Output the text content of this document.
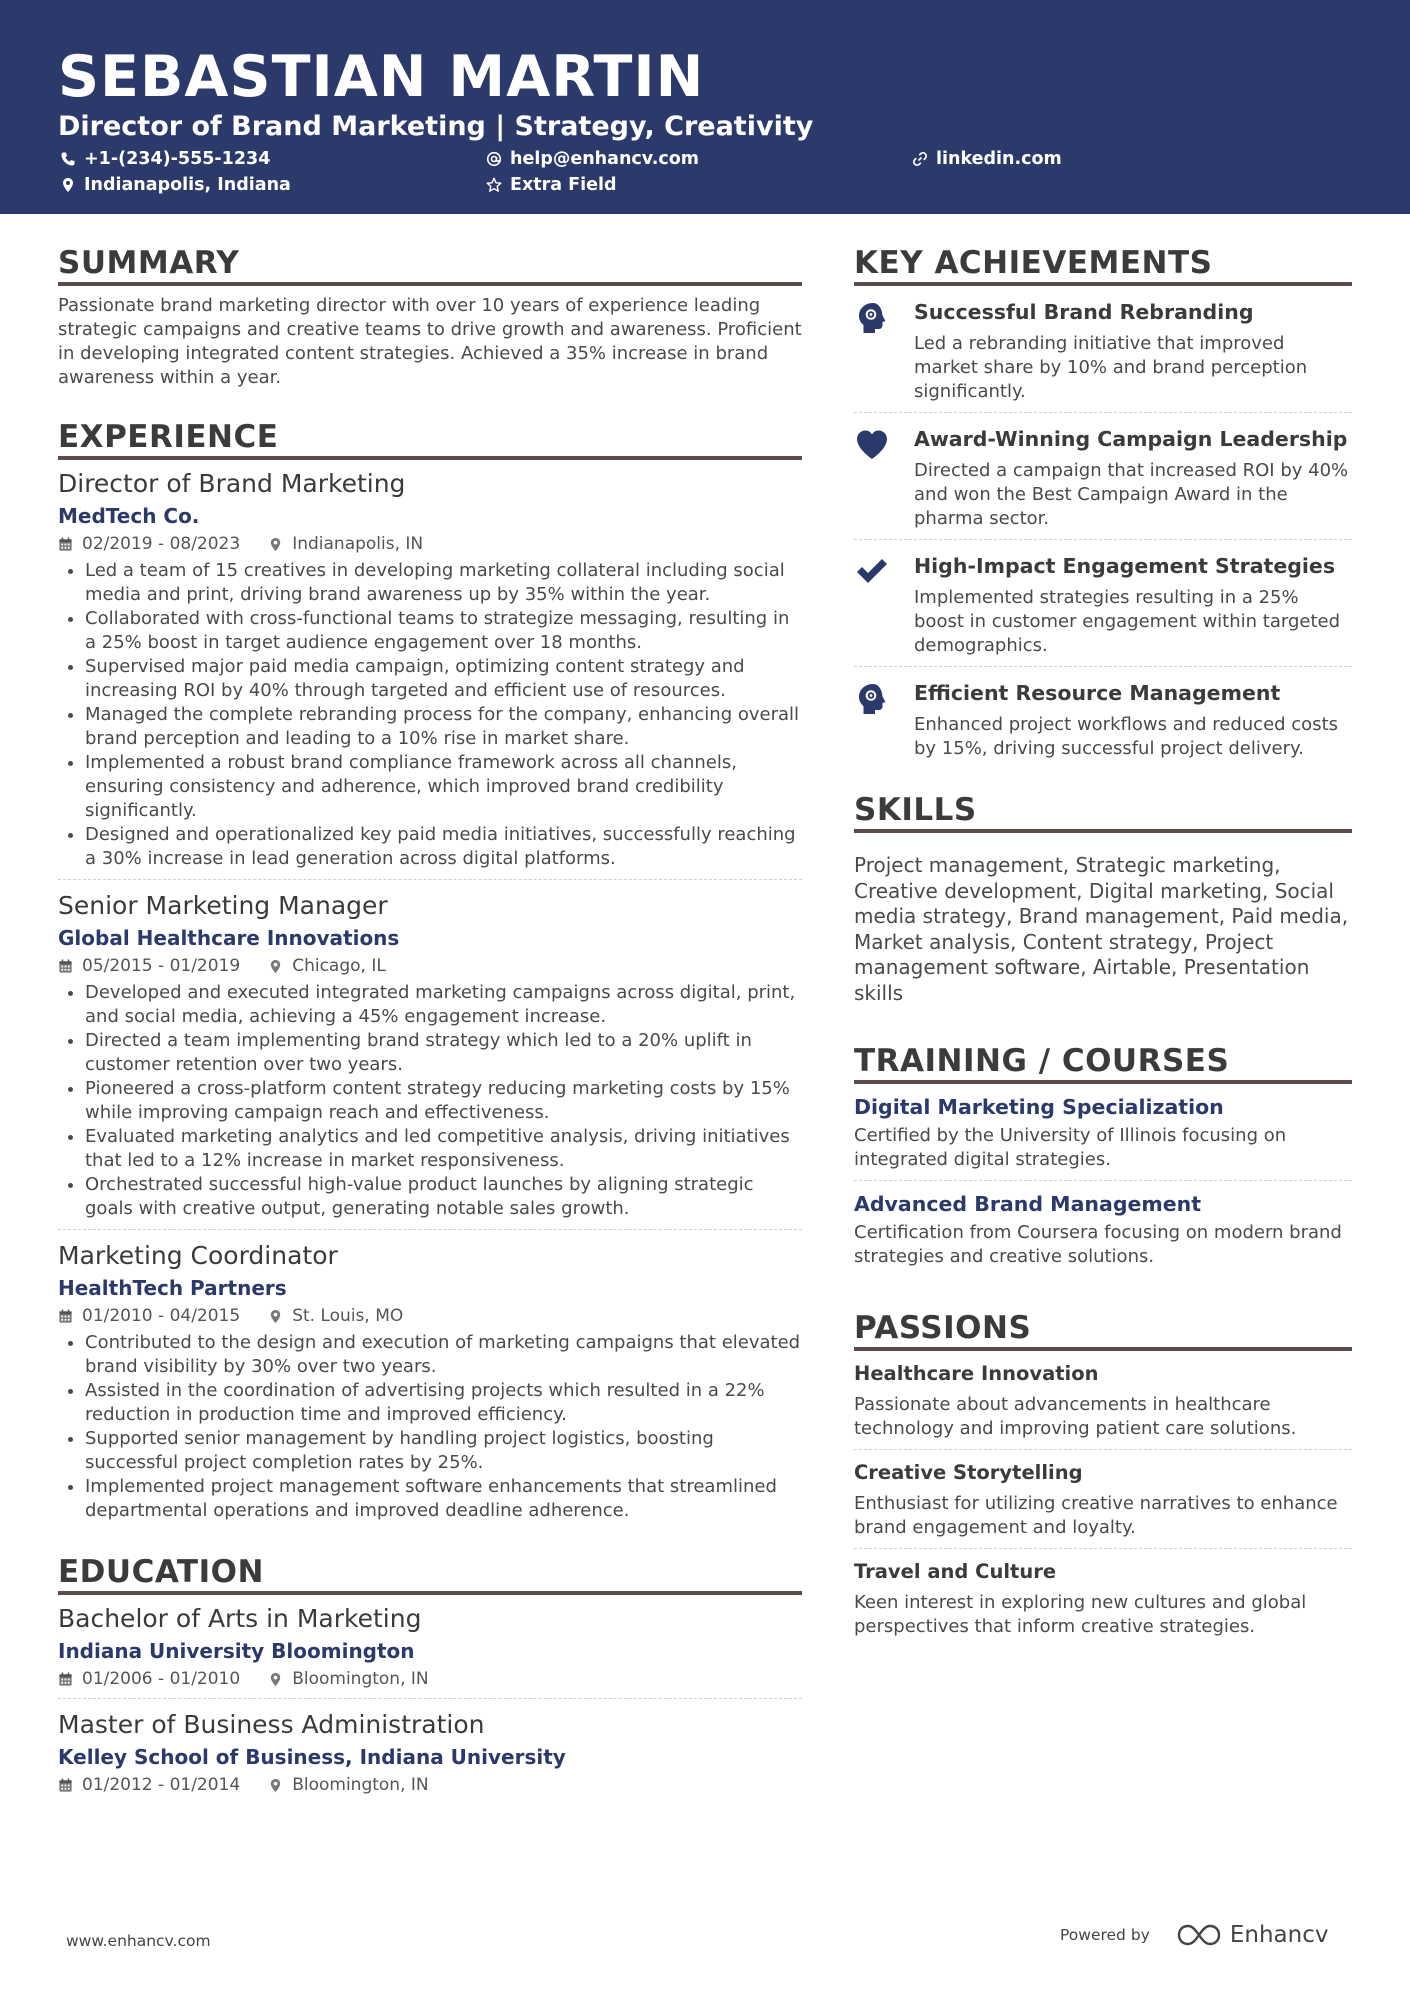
SEBASTIAN MARTIN
Director of Brand Marketing | Strategy, Creativity
+1-(234)-555-1234	help@enhancv.com	linkedin.com
Indianapolis, Indiana	Extra Field
SUMMARY

Passionate brand marketing director with over 10 years of experience leading strategic campaigns and creative teams to drive growth and awareness. Proficient in developing integrated content strategies. Achieved a 35% increase in brand awareness within a year.

EXPERIENCE
Director of Brand Marketing
MedTech Co.
02/2019 - 08/2023	Indianapolis, IN
• Led a team of 15 creatives in developing marketing collateral including social media and print, driving brand awareness up by 35% within the year.
• Collaborated with cross-functional teams to strategize messaging, resulting in a 25% boost in target audience engagement over 18 months.
• Supervised major paid media campaign, optimizing content strategy and increasing ROI by 40% through targeted and efficient use of resources.
• Managed the complete rebranding process for the company, enhancing overall brand perception and leading to a 10% rise in market share.
• Implemented a robust brand compliance framework across all channels, ensuring consistency and adherence, which improved brand credibility significantly.
• Designed and operationalized key paid media initiatives, successfully reaching a 30% increase in lead generation across digital platforms.
Senior Marketing Manager
Global Healthcare Innovations
05/2015 - 01/2019	Chicago, IL
• Developed and executed integrated marketing campaigns across digital, print, and social media, achieving a 45% engagement increase.
• Directed a team implementing brand strategy which led to a 20% uplift in customer retention over two years.
• Pioneered a cross-platform content strategy reducing marketing costs by 15% while improving campaign reach and effectiveness.
• Evaluated marketing analytics and led competitive analysis, driving initiatives that led to a 12% increase in market responsiveness.
• Orchestrated successful high-value product launches by aligning strategic goals with creative output, generating notable sales growth.
Marketing Coordinator
HealthTech Partners
01/2010 - 04/2015	St. Louis, MO
• Contributed to the design and execution of marketing campaigns that elevated brand visibility by 30% over two years.
• Assisted in the coordination of advertising projects which resulted in a 22% reduction in production time and improved efficiency.
• Supported senior management by handling project logistics, boosting successful project completion rates by 25%.
• Implemented project management software enhancements that streamlined departmental operations and improved deadline adherence.
EDUCATION
Bachelor of Arts in Marketing
Indiana University Bloomington
01/2006 - 01/2010	Bloomington, IN
Master of Business Administration
Kelley School of Business, Indiana University
01/2012 - 01/2014	Bloomington, IN
KEY ACHIEVEMENTS
Successful Brand Rebranding
Led a rebranding initiative that improved market share by 10% and brand perception significantly.
Award-Winning Campaign Leadership
Directed a campaign that increased ROI by 40% and won the Best Campaign Award in the pharma sector.
High-Impact Engagement Strategies
Implemented strategies resulting in a 25% boost in customer engagement within targeted demographics.
Efficient Resource Management
Enhanced project workflows and reduced costs by 15%, driving successful project delivery.
SKILLS
Project management, Strategic marketing, Creative development, Digital marketing, Social media strategy, Brand management, Paid media, Market analysis, Content strategy, Project management software, Airtable, Presentation skills
TRAINING / COURSES
Digital Marketing Specialization
Certified by the University of Illinois focusing on integrated digital strategies.
Advanced Brand Management
Certification from Coursera focusing on modern brand strategies and creative solutions.
PASSIONS
Healthcare Innovation
Passionate about advancements in healthcare technology and improving patient care solutions.
Creative Storytelling
Enthusiast for utilizing creative narratives to enhance brand engagement and loyalty.
Travel and Culture
Keen interest in exploring new cultures and global perspectives that inform creative strategies.
www.enhancv.com	Powered by	Enhancv
